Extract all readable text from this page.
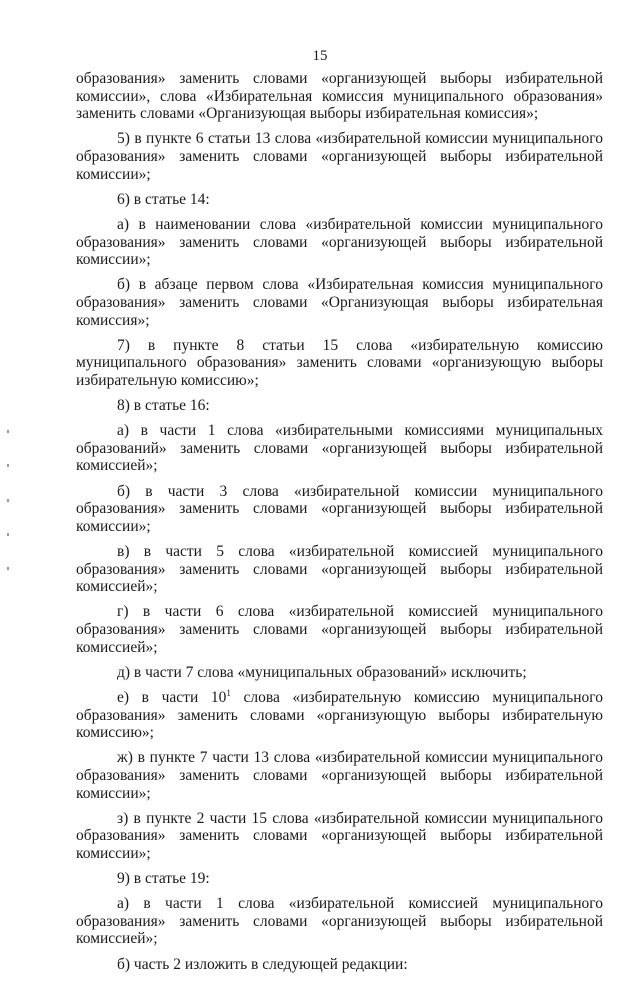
15

образования» заменить словами «организующей выборы избирательной комиссии», слова «Избирательная комиссия муниципального образования» заменить словами «Организующая выборы избирательная комиссия»;

5) в пункте 6 статьи 13 слова «избирательной комиссии муниципального образования» заменить словами «организующей выборы избирательной комиссии»;

6) в статье 14:

а) в наименовании слова «избирательной комиссии муниципального образования» заменить словами «организующей выборы избирательной комиссии»;

б) в абзаце первом слова «Избирательная комиссия муниципального образования» заменить словами «Организующая выборы избирательная комиссия»;

7) в пункте 8 статьи 15 слова «избирательную комиссию муниципального образования» заменить словами «организующую выборы избирательную комиссию»;

8) в статье 16:

а) в части 1 слова «избирательными комиссиями муниципальных образований» заменить словами «организующей выборы избирательной комиссией»;

б) в части 3 слова «избирательной комиссии муниципального образования» заменить словами «организующей выборы избирательной комиссии»;

в) в части 5 слова «избирательной комиссией муниципального образования» заменить словами «организующей выборы избирательной комиссией»;

г) в части 6 слова «избирательной комиссией муниципального образования» заменить словами «организующей выборы избирательной комиссией»;

д) в части 7 слова «муниципальных образований» исключить;

е) в части $10^1$ слова «избирательную комиссию муниципального образования» заменить словами «организующую выборы избирательную комиссию»;

ж) в пункте 7 части 13 слова «избирательной комиссии муниципального образования» заменить словами «организующей выборы избирательной комиссии»;

з) в пункте 2 части 15 слова «избирательной комиссии муниципального образования» заменить словами «организующей выборы избирательной комиссии»;

9) в статье 19:

а) в части 1 слова «избирательной комиссией муниципального образования» заменить словами «организующей выборы избирательной комиссией»;

б) часть 2 изложить в следующей редакции:
